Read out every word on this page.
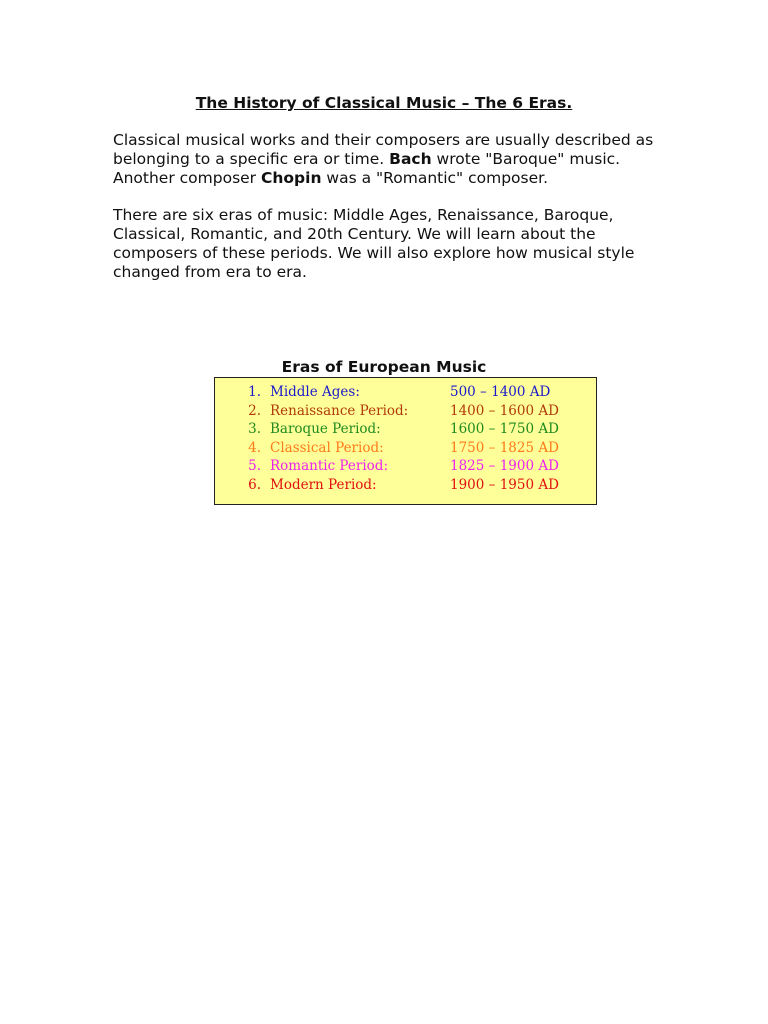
The History of Classical Music – The 6 Eras.

Classical musical works and their composers are usually described as belonging to a specific era or time. Bach wrote "Baroque" music. Another composer Chopin was a "Romantic" composer.

There are six eras of music: Middle Ages, Renaissance, Baroque, Classical, Romantic, and 20th Century. We will learn about the composers of these periods. We will also explore how musical style changed from era to era.

Eras of European Music
1. Middle Ages:	500 – 1400 AD
2. Renaissance Period:	1400 – 1600 AD
3. Baroque Period:	1600 – 1750 AD
4. Classical Period:	1750 – 1825 AD
5. Romantic Period:	1825 – 1900 AD
6. Modern Period:	1900 – 1950 AD
